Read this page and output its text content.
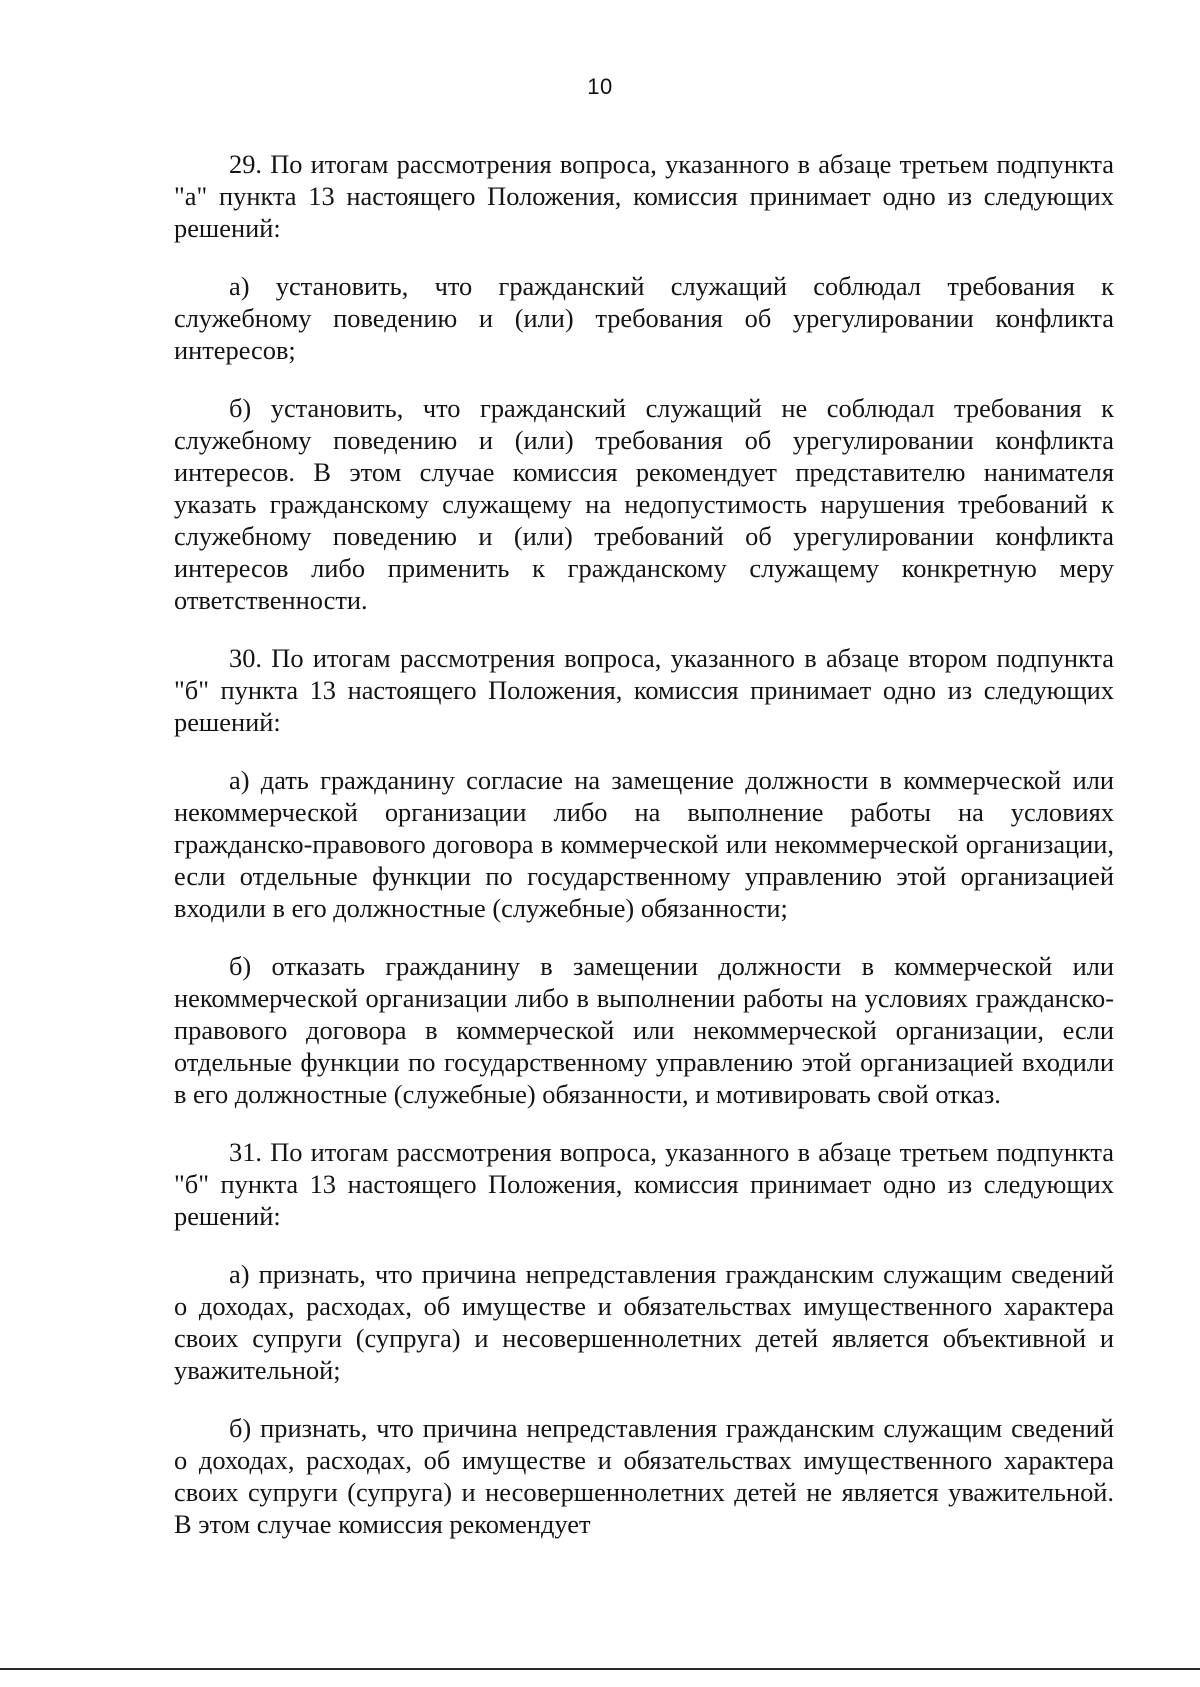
10

29. По итогам рассмотрения вопроса, указанного в абзаце третьем подпункта "а" пункта 13 настоящего Положения, комиссия принимает одно из следующих решений:

а) установить, что гражданский служащий соблюдал требования к служебному поведению и (или) требования об урегулировании конфликта интересов;

б) установить, что гражданский служащий не соблюдал требования к служебному поведению и (или) требования об урегулировании конфликта интересов. В этом случае комиссия рекомендует представителю нанимателя указать гражданскому служащему на недопустимость нарушения требований к служебному поведению и (или) требований об урегулировании конфликта интересов либо применить к гражданскому служащему конкретную меру ответственности.

30. По итогам рассмотрения вопроса, указанного в абзаце втором подпункта "б" пункта 13 настоящего Положения, комиссия принимает одно из следующих решений:

а) дать гражданину согласие на замещение должности в коммерческой или некоммерческой организации либо на выполнение работы на условиях гражданско-правового договора в коммерческой или некоммерческой организации, если отдельные функции по государственному управлению этой организацией входили в его должностные (служебные) обязанности;

б) отказать гражданину в замещении должности в коммерческой или некоммерческой организации либо в выполнении работы на условиях гражданско-правового договора в коммерческой или некоммерческой организации, если отдельные функции по государственному управлению этой организацией входили в его должностные (служебные) обязанности, и мотивировать свой отказ.

31. По итогам рассмотрения вопроса, указанного в абзаце третьем подпункта "б" пункта 13 настоящего Положения, комиссия принимает одно из следующих решений:

а) признать, что причина непредставления гражданским служащим сведений о доходах, расходах, об имуществе и обязательствах имущественного характера своих супруги (супруга) и несовершеннолетних детей является объективной и уважительной;

б) признать, что причина непредставления гражданским служащим сведений о доходах, расходах, об имуществе и обязательствах имущественного характера своих супруги (супруга) и несовершеннолетних детей не является уважительной. В этом случае комиссия рекомендует
